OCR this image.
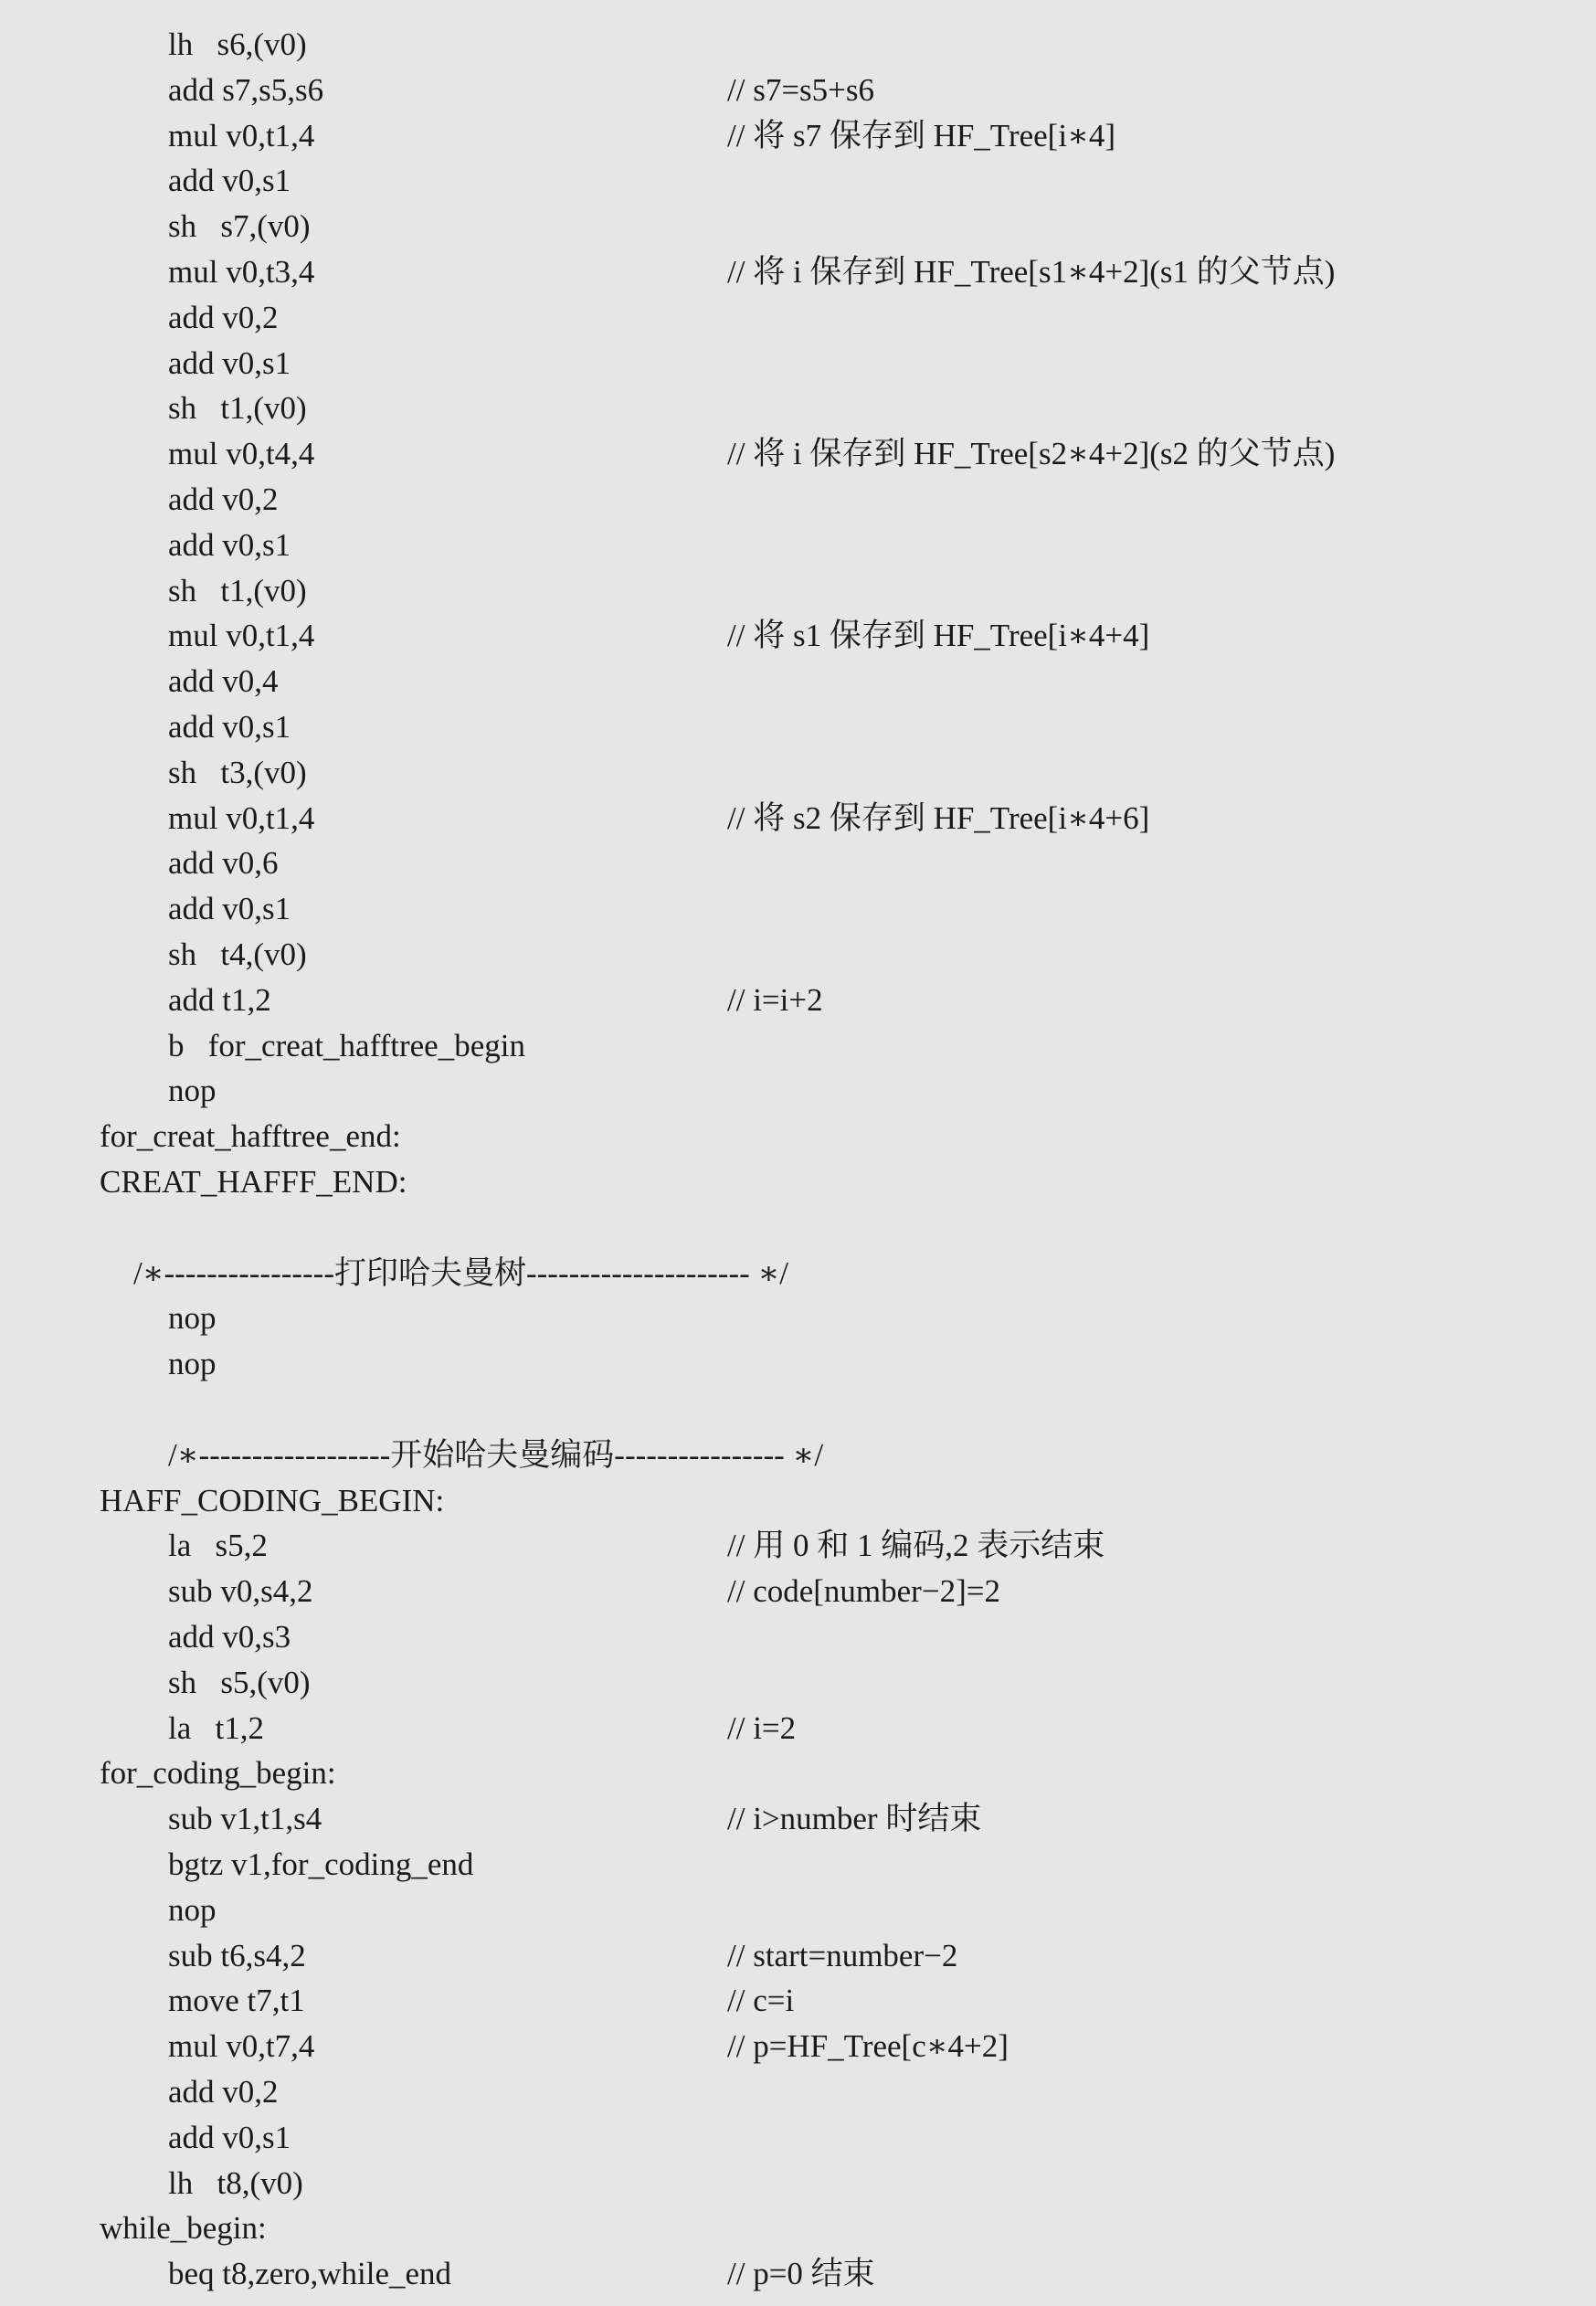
lh   s6,(v0)
add s7,s5,s6	// s7=s5+s6
mul v0,t1,4	// 将 s7 保存到 HF_Tree[i∗4]
add v0,s1
sh   s7,(v0)
mul v0,t3,4	// 将 i 保存到 HF_Tree[s1∗4+2](s1 的父节点)
add v0,2
add v0,s1
sh   t1,(v0)
mul v0,t4,4	// 将 i 保存到 HF_Tree[s2∗4+2](s2 的父节点)
add v0,2
add v0,s1
sh   t1,(v0)
mul v0,t1,4	// 将 s1 保存到 HF_Tree[i∗4+4]
add v0,4
add v0,s1
sh   t3,(v0)
mul v0,t1,4	// 将 s2 保存到 HF_Tree[i∗4+6]
add v0,6
add v0,s1
sh   t4,(v0)
add t1,2	// i=i+2
b   for_creat_hafftree_begin
nop
for_creat_hafftree_end:
CREAT_HAFFF_END:
/∗----------------打印哈夫曼树--------------------- ∗/
nop
nop
/∗------------------开始哈夫曼编码---------------- ∗/
HAFF_CODING_BEGIN:
la   s5,2	// 用 0 和 1 编码,2 表示结束
sub v0,s4,2	// code[number−2]=2
add v0,s3
sh   s5,(v0)
la   t1,2	// i=2
for_coding_begin:
sub v1,t1,s4	// i>number 时结束
bgtz v1,for_coding_end
nop
sub t6,s4,2	// start=number−2
move t7,t1	// c=i
mul v0,t7,4	// p=HF_Tree[c∗4+2]
add v0,2
add v0,s1
lh   t8,(v0)
while_begin:
beq t8,zero,while_end	// p=0 结束
